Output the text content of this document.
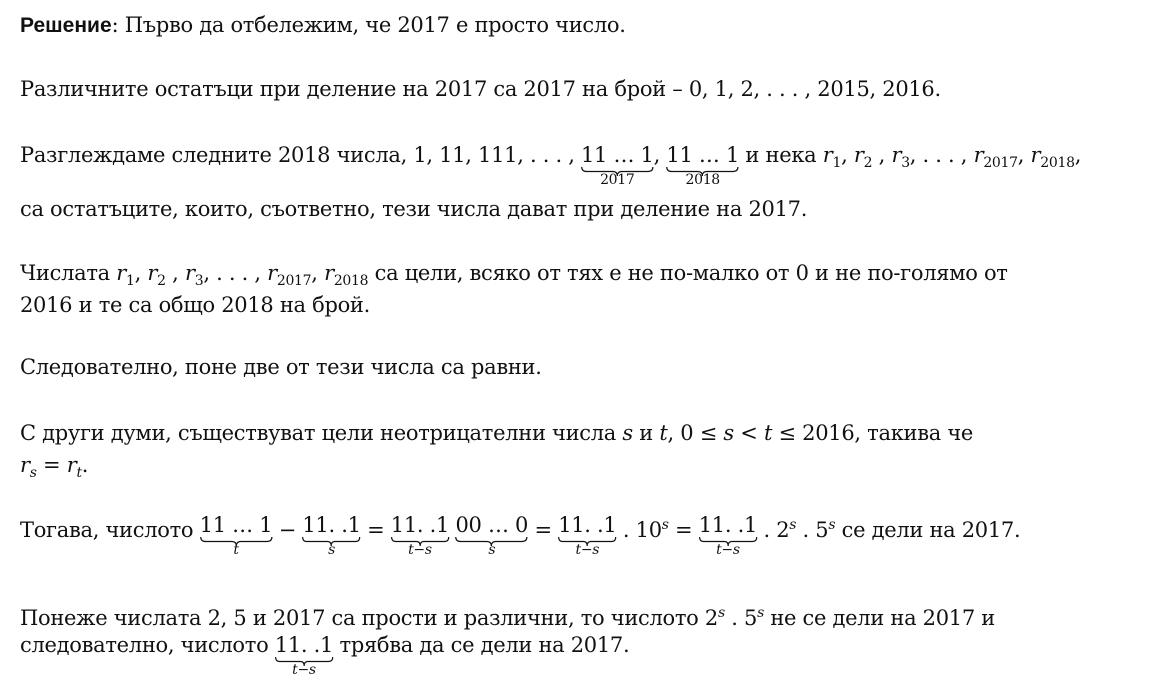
Решение: Първо да отбележим, че 2017 е просто число.
Различните остатъци при деление на 2017 са 2017 на брой – 0, 1, 2, . . . , 2015, 2016.
Разглеждаме следните 2018 числа, 1, 11, 111, . . . , 11 … 1
2017
, 11 … 1
2018
и нека $r_1$, $r_2$ , $r_3$, . . . , $r_{2017}$, $r_{2018}$,
са остатъците, които, съответно, тези числа дават при деление на 2017.
Числата $r_1$, $r_2$ , $r_3$, . . . , $r_{2017}$, $r_{2018}$ са цели, всяко от тях е не по-малко от 0 и не по-голямо от
2016 и те са общо 2018 на брой.
Следователно, поне две от тези числа са равни.
С други думи, съществуват цели неотрицателни числа s и t, 0 ≤ s < t ≤ 2016, такива че
$r_s = r_t$.
Тогава, числото 11 … 1
t
− 11. .1
s
= 11. .1
t−s

00 … 0
s
= 11. .1
t−s
. $10^s = 11$. .1
t−s
. 2$^s$ . 5$^s$ се дели на 2017.
Понеже числата 2, 5 и 2017 са прости и различни, то числото 2$^s$ . 5$^s$ не се дели на 2017 и
следователно, числото 11. .1
t−s
трябва да се дели на 2017.
